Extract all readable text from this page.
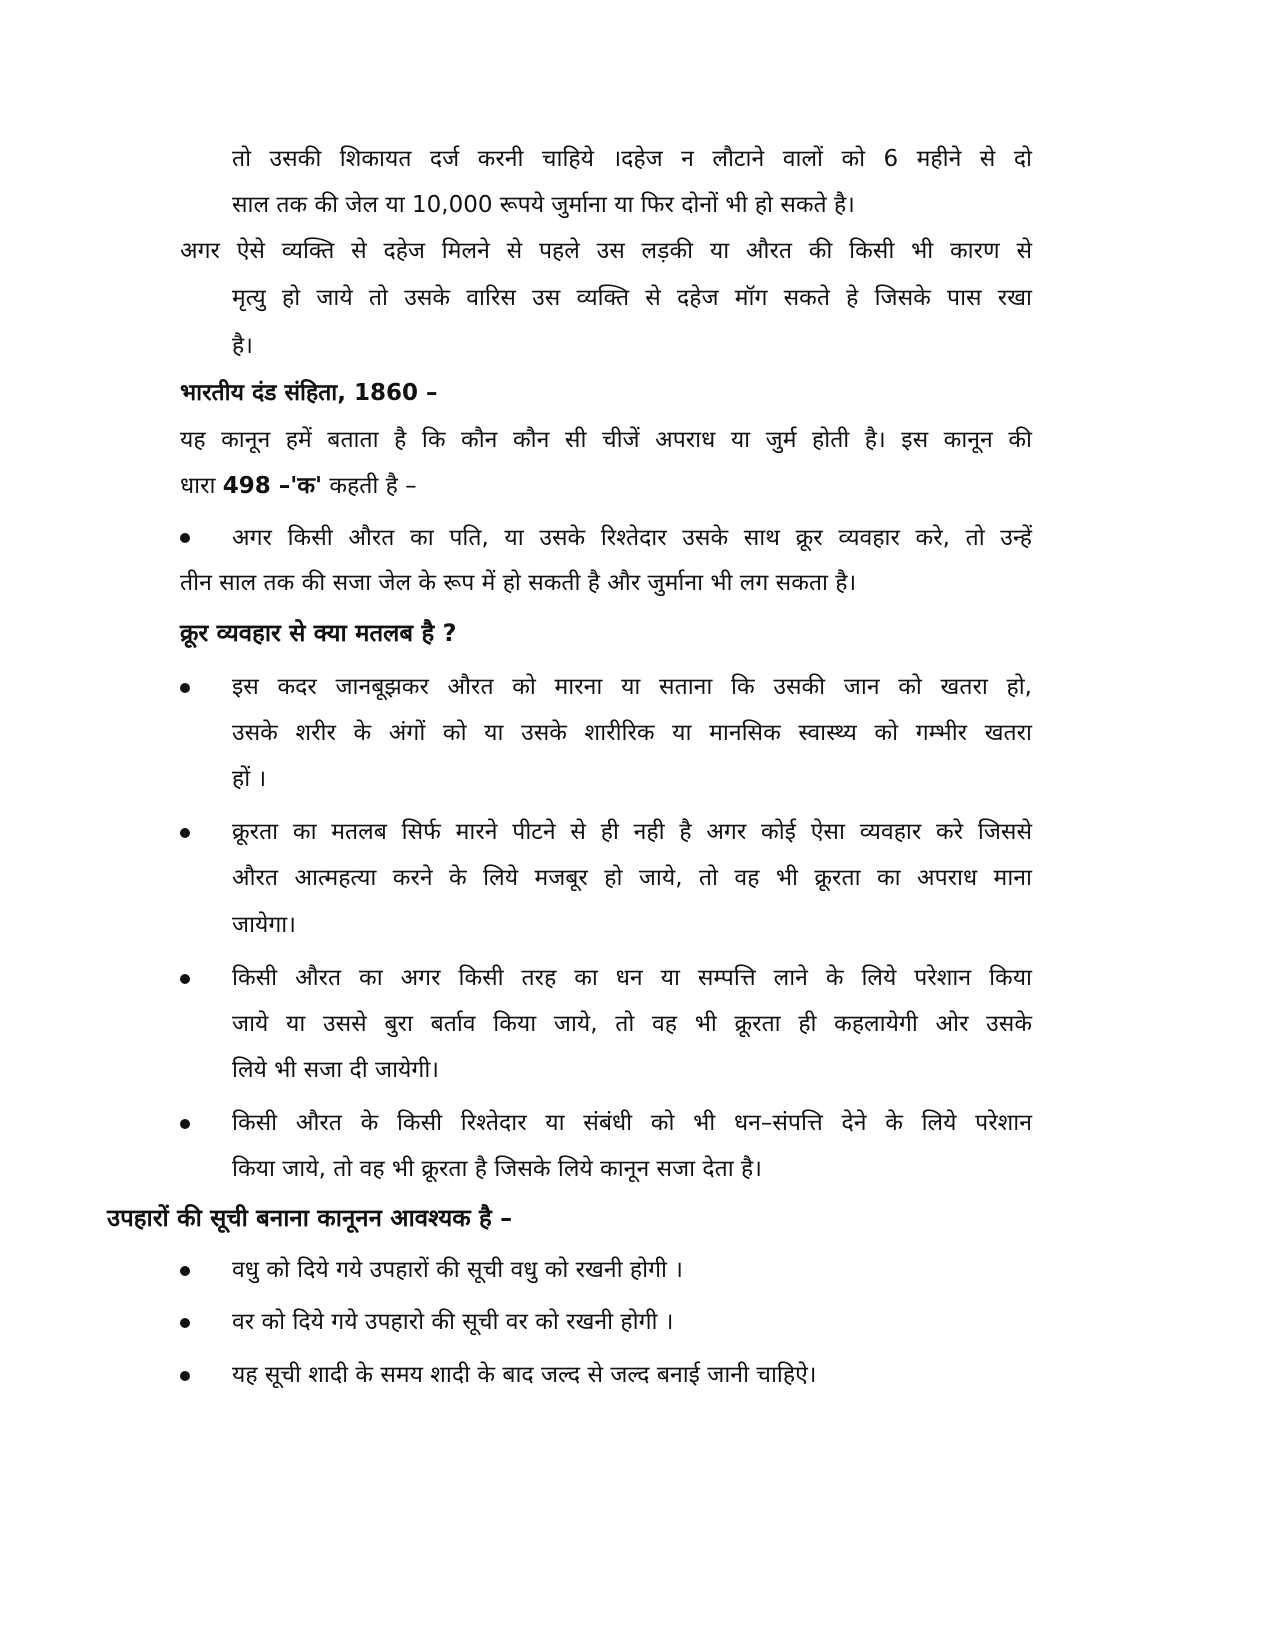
तो उसकी शिकायत दर्ज करनी चाहिये ।दहेज न लौटाने वालों को 6 महीने से दो
साल तक की जेल या 10,000 रूपये जुर्माना या फिर दोनों भी हो सकते है।
अगर ऐसे व्यक्ति से दहेज मिलने से पहले उस लड़की या औरत की किसी भी कारण से
मृत्यु हो जाये तो उसके वारिस उस व्यक्ति से दहेज मॉग सकते हे जिसके पास रखा
है।
भारतीय दंड संहिता, 1860 –
यह कानून हमें बताता है कि कौन कौन सी चीजें अपराध या जुर्म होती है। इस कानून की
धारा 498 –'क' कहती है –
अगर किसी औरत का पति, या उसके रिश्तेदार उसके साथ क्रूर व्यवहार करे, तो उन्हें
तीन साल तक की सजा जेल के रूप में हो सकती है और जुर्माना भी लग सकता है।
क्रूर व्यवहार से क्या मतलब है ?
इस कदर जानबूझकर औरत को मारना या सताना कि उसकी जान को खतरा हो,
उसके शरीर के अंगों को या उसके शारीरिक या मानसिक स्वास्थ्य को गम्भीर खतरा
हों ।
क्रूरता का मतलब सिर्फ मारने पीटने से ही नही है अगर कोई ऐसा व्यवहार करे जिससे
औरत आत्महत्या करने के लिये मजबूर हो जाये, तो वह भी क्रूरता का अपराध माना
जायेगा।
किसी औरत का अगर किसी तरह का धन या सम्पत्ति लाने के लिये परेशान किया
जाये या उससे बुरा बर्ताव किया जाये, तो वह भी क्रूरता ही कहलायेगी ओर उसके
लिये भी सजा दी जायेगी।
किसी औरत के किसी रिश्तेदार या संबंधी को भी धन–संपत्ति देने के लिये परेशान
किया जाये, तो वह भी क्रूरता है जिसके लिये कानून सजा देता है।
उपहारों की सूची बनाना कानूनन आवश्यक है –
वधु को दिये गये उपहारों की सूची वधु को रखनी होगी ।
वर को दिये गये उपहारो की सूची वर को रखनी होगी ।
यह सूची शादी के समय शादी के बाद जल्द से जल्द बनाई जानी चाहिऐ।
